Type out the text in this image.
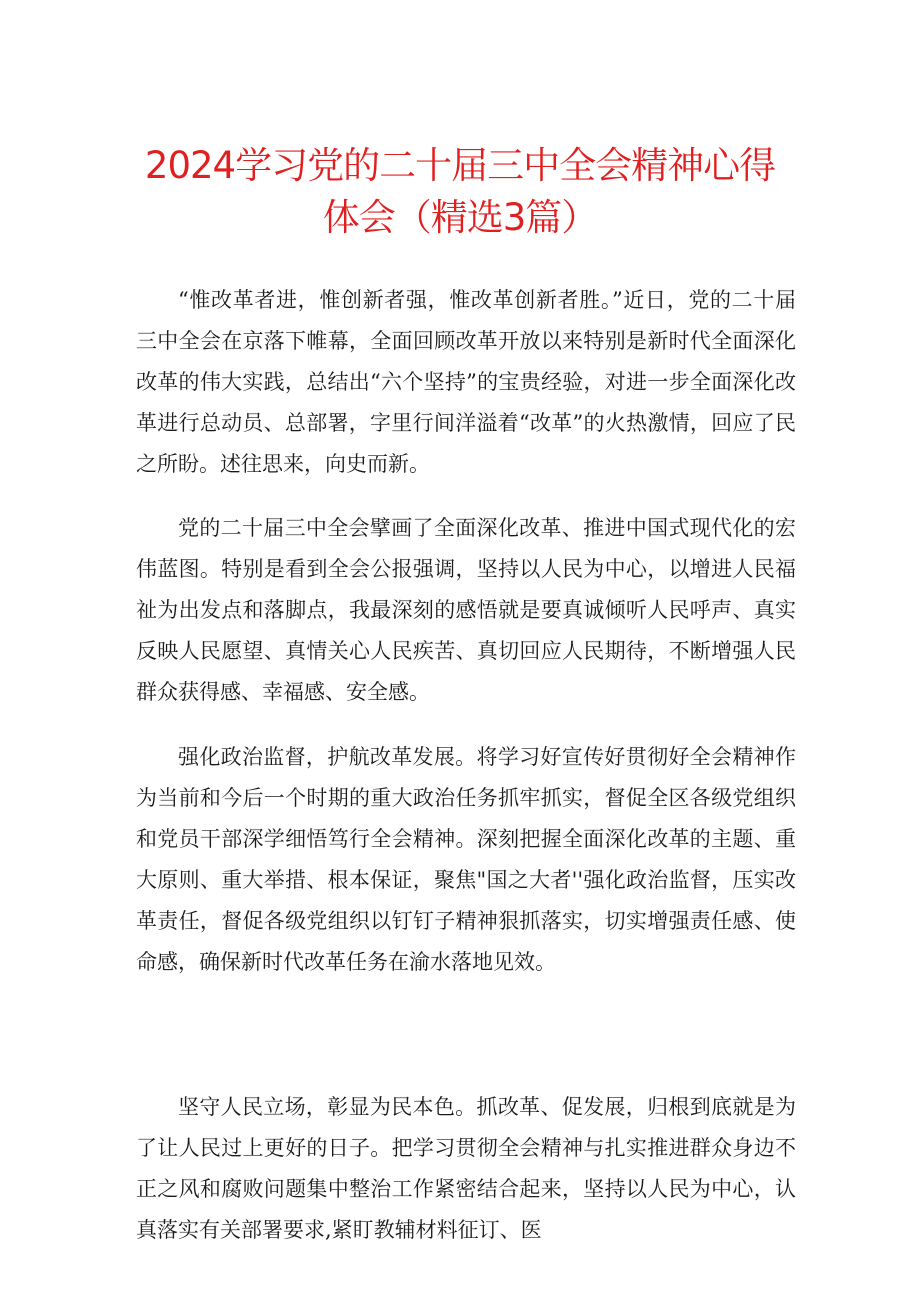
2024学习党的二十届三中全会精神心得
体会（精选3篇）

“惟改革者进，惟创新者强，惟改革创新者胜。”近日，党的二十届三中全会在京落下帷幕，全面回顾改革开放以来特别是新时代全面深化改革的伟大实践，总结出“六个坚持”的宝贵经验，对进一步全面深化改革进行总动员、总部署，字里行间洋溢着“改革”的火热激情，回应了民之所盼。述往思来，向史而新。

党的二十届三中全会擘画了全面深化改革、推进中国式现代化的宏伟蓝图。特别是看到全会公报强调，坚持以人民为中心，以增进人民福祉为出发点和落脚点，我最深刻的感悟就是要真诚倾听人民呼声、真实反映人民愿望、真情关心人民疾苦、真切回应人民期待，不断增强人民群众获得感、幸福感、安全感。

强化政治监督，护航改革发展。将学习好宣传好贯彻好全会精神作为当前和今后一个时期的重大政治任务抓牢抓实，督促全区各级党组织和党员干部深学细悟笃行全会精神。深刻把握全面深化改革的主题、重大原则、重大举措、根本保证，聚焦"国之大者''强化政治监督，压实改革责任，督促各级党组织以钉钉子精神狠抓落实，切实增强责任感、使命感，确保新时代改革任务在渝水落地见效。

坚守人民立场，彰显为民本色。抓改革、促发展，归根到底就是为了让人民过上更好的日子。把学习贯彻全会精神与扎实推进群众身边不正之风和腐败问题集中整治工作紧密结合起来，坚持以人民为中心，认真落实有关部署要求,紧盯教辅材料征订、医
